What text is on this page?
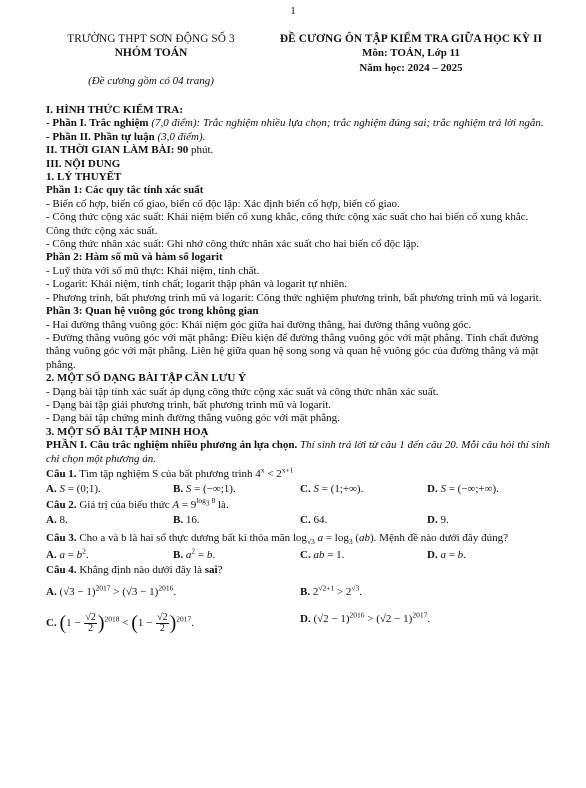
1
TRƯỜNG THPT SƠN ĐỘNG SỐ 3
NHÓM TOÁN
(Đề cương gồm có 04 trang)
ĐỀ CƯƠNG ÔN TẬP KIỂM TRA GIỮA HỌC KỲ II
Môn: TOÁN, Lớp 11
Năm học: 2024 – 2025

I. HÌNH THỨC KIỂM TRA:

- Phần I. Trắc nghiệm (7,0 điểm): Trắc nghiệm nhiều lựa chọn; trắc nghiệm đúng sai; trắc nghiệm trả lời ngắn.

- Phần II. Phần tự luận (3,0 điểm).

II. THỜI GIAN LÀM BÀI: 90 phút.

III. NỘI DUNG

1. LÝ THUYẾT

Phần 1: Các quy tắc tính xác suất

- Biến cố hợp, biến cố giao, biến cố độc lập: Xác định biến cố hợp, biến cố giao.

- Công thức cộng xác suất: Khái niệm biến cố xung khắc, công thức cộng xác suất cho hai biến cố xung khắc. Công thức cộng xác suất.

- Công thức nhân xác suất: Ghi nhớ công thức nhân xác suất cho hai biến cố độc lập.

Phần 2: Hàm số mũ và hàm số logarit

- Luỹ thừa với số mũ thực: Khái niệm, tính chất.

- Logarit: Khái niệm, tính chất; logarit thập phân và logarit tự nhiên.

- Phương trình, bất phương trình mũ và logarit: Công thức nghiệm phương trình, bất phương trình mũ và logarit.

Phần 3: Quan hệ vuông góc trong không gian

- Hai đường thẳng vuông góc: Khái niệm góc giữa hai đường thẳng, hai đường thẳng vuông góc.

- Đường thẳng vuông góc với mặt phẳng: Điều kiện để đường thẳng vuông góc với mặt phẳng. Tính chất đường thẳng vuông góc với mặt phẳng. Liên hệ giữa quan hệ song song và quan hệ vuông góc của đường thẳng và mặt phẳng.

2. MỘT SỐ DẠNG BÀI TẬP CẦN LƯU Ý

- Dạng bài tập tính xác suất áp dụng công thức cộng xác suất và công thức nhân xác suất.

- Dạng bài tập giải phương trình, bất phương trình mũ và logarit.

- Dạng bài tập chứng minh đường thẳng vuông góc với mặt phẳng.

3. MỘT SỐ BÀI TẬP MINH HOẠ

PHẦN I. Câu trắc nghiệm nhiều phương án lựa chọn. Thí sinh trả lời từ câu 1 đến câu 20. Mỗi câu hỏi thí sinh chỉ chọn một phương án.

Câu 1. Tìm tập nghiệm S của bất phương trình $4^x < 2^{x+1}$

A. S = (0;1).	B. S = (−∞;1).	C. S = (1;+∞).	D. S = (−∞;+∞).

Câu 2. Giá trị của biểu thức $A = 9^{log_3 8}$ là.

A. 8.	B. 16.	C. 64.	D. 9.

Câu 3. Cho a và b là hai số thực dương bất kì thỏa mãn $\log_{√3} a = \log_3 (ab)$. Mệnh đề nào dưới đây đúng?

A. $a = b^2$.	B. $a^2 = b$.	C. ab = 1.	D. a = b.

Câu 4. Khẳng định nào dưới đây là sai?

A. $(√3 - 1)^{2017} > (√3 - 1)^{2016}$.	B. $2^{√2+1} > 2^{√3}$.
C. $(1 - \frac{√2}{2} )^{2018} < (1 - \frac{√2}{2} )^{2017}$.	D. $(√2 - 1)^{2016} > (√2 - 1)^{2017}$.
